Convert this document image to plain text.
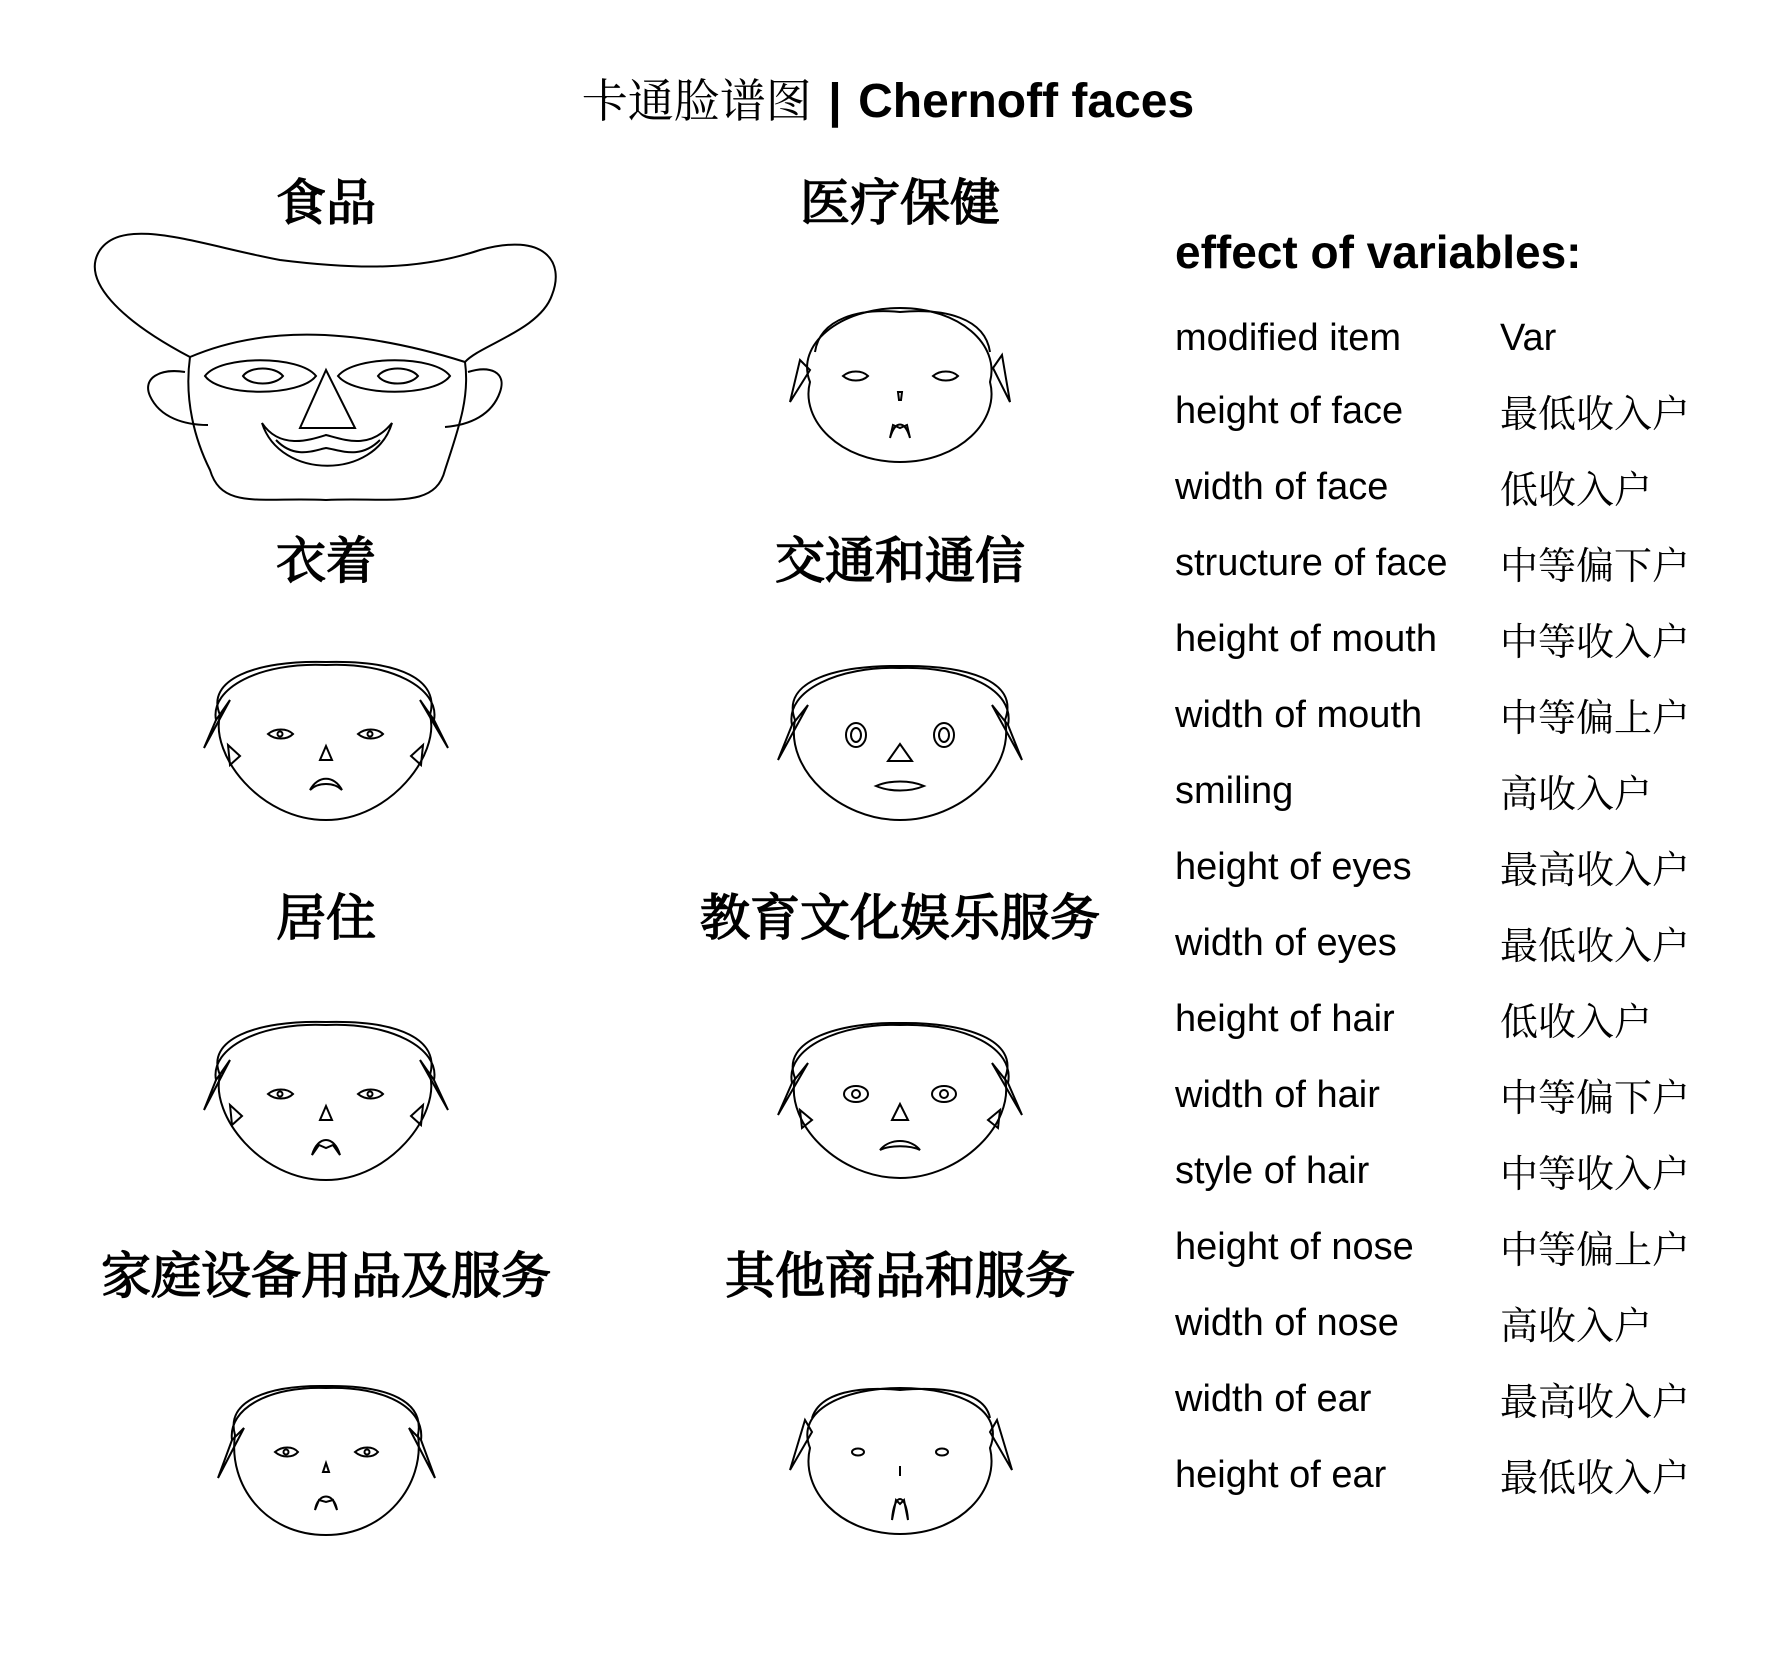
卡通脸谱图 | Chernoff faces
食品	医疗保健
衣着	交通和通信
居住	教育文化娱乐服务
家庭设备用品及服务	其他商品和服务
effect of variables:
modified item	Var
height of face	最低收入户
width of face	低收入户
structure of face 中等偏下户
height of mouth 中等收入户
width of mouth 中等偏上户
smiling	高收入户
height of eyes 最高收入户
width of eyes	最低收入户
height of hair	低收入户
width of hair	中等偏下户
style of hair	中等收入户
height of nose 中等偏上户
width of nose	高收入户
width of ear	最高收入户
height of ear	最低收入户
